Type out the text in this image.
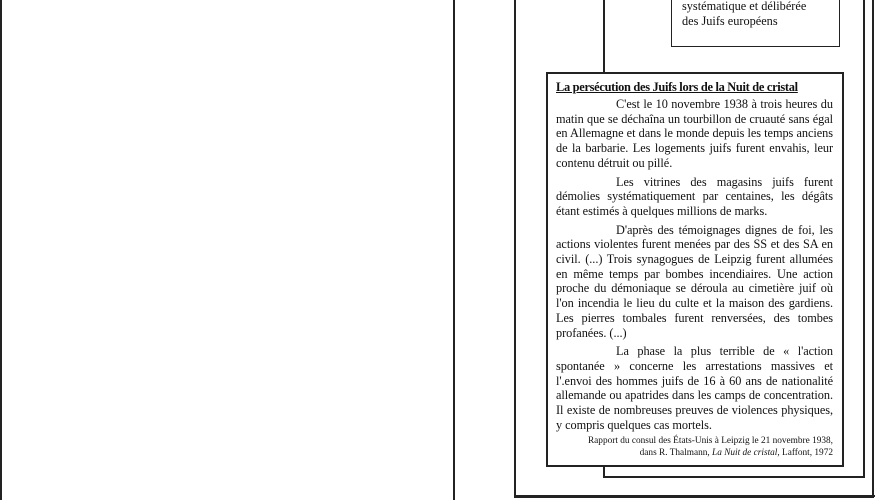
systématique et délibérée

des Juifs européens

La persécution des Juifs lors de la Nuit de cristal

C'est le 10 novembre 1938 à trois heures du matin que se déchaîna un tourbillon de cruauté sans égal en Allemagne et dans le monde depuis les temps anciens de la barbarie. Les logements juifs furent envahis, leur contenu détruit ou pillé.

Les vitrines des magasins juifs furent démolies systématiquement par centaines, les dégâts étant estimés à quelques millions de marks.

D'après des témoignages dignes de foi, les actions violentes furent menées par des SS et des SA en civil. (...) Trois synagogues de Leipzig furent allumées en même temps par bombes incendiaires. Une action proche du démoniaque se déroula au cimetière juif où l'on incendia le lieu du culte et la maison des gardiens. Les pierres tombales furent renversées, des tombes profanées. (...)

La phase la plus terrible de « l'action spontanée » concerne les arrestations massives et l'.envoi des hommes juifs de 16 à 60 ans de nationalité allemande ou apatrides dans les camps de concentration. Il existe de nombreuses preuves de violences physiques, y compris quelques cas mortels.

Rapport du consul des États-Unis à Leipzig le 21 novembre 1938,
dans R. Thalmann, La Nuit de cristal, Laffont, 1972
